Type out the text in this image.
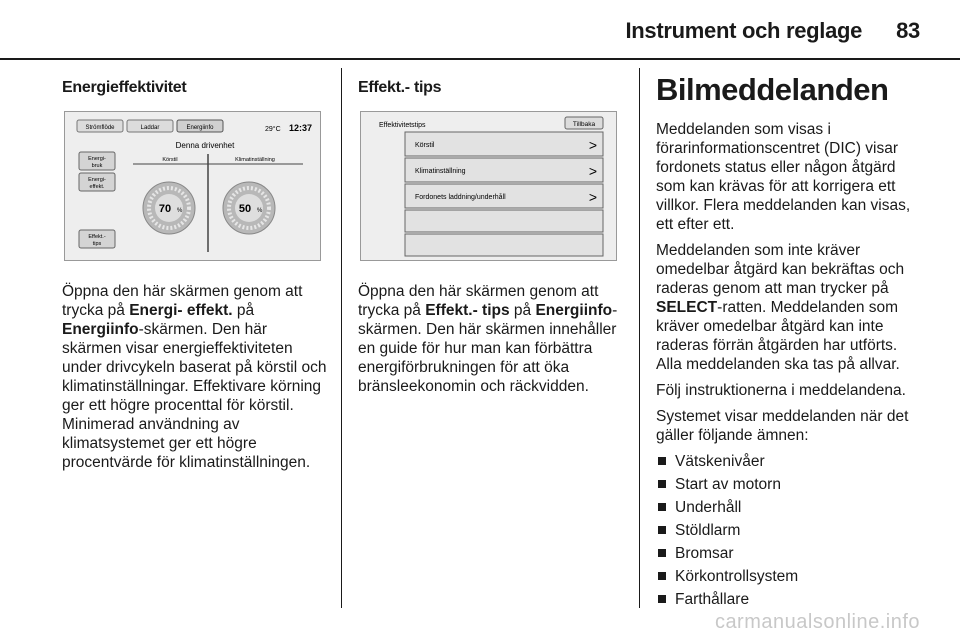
Instrument och reglage 83
Energieffektivitet
Strömflöde	Laddar	Energiinfo	29°C 12:37
Denna drivenhet
Körstil	Klimatinställning
Energi-
bruk
Energi-
effekt.
Effekt.-
tips
70 %	50 %

Öppna den här skärmen genom att trycka på Energi- effekt. på Energiinfo-skärmen. Den här skärmen visar energieffektiviteten under drivcykeln baserat på körstil och klimatinställningar. Effektivare körning ger ett högre procenttal för körstil. Minimerad användning av klimatsystemet ger ett högre procentvärde för klimatinställningen.

Effekt.- tips
Effektivitetstips	Tillbaka
Körstil	>
Klimatinställning	>
Fordonets laddning/underhåll	>

Öppna den här skärmen genom att trycka på Effekt.- tips på Energiinfo-skärmen. Den här skärmen innehåller en guide för hur man kan förbättra energiförbrukningen för att öka bränsleekonomin och räckvidden.

Bilmeddelanden

Meddelanden som visas i förarinformationscentret (DIC) visar fordonets status eller någon åtgärd som kan krävas för att korrigera ett villkor. Flera meddelanden kan visas, ett efter ett.

Meddelanden som inte kräver omedelbar åtgärd kan bekräftas och raderas genom att man trycker på SELECT-ratten. Meddelanden som kräver omedelbar åtgärd kan inte raderas förrän åtgärden har utförts. Alla meddelanden ska tas på allvar.

Följ instruktionerna i meddelandena.

Systemet visar meddelanden när det gäller följande ämnen:

Vätskenivåer
Start av motorn
Underhåll
Stöldlarm
Bromsar
Körkontrollsystem
Farthållare
carmanualsonline.info
